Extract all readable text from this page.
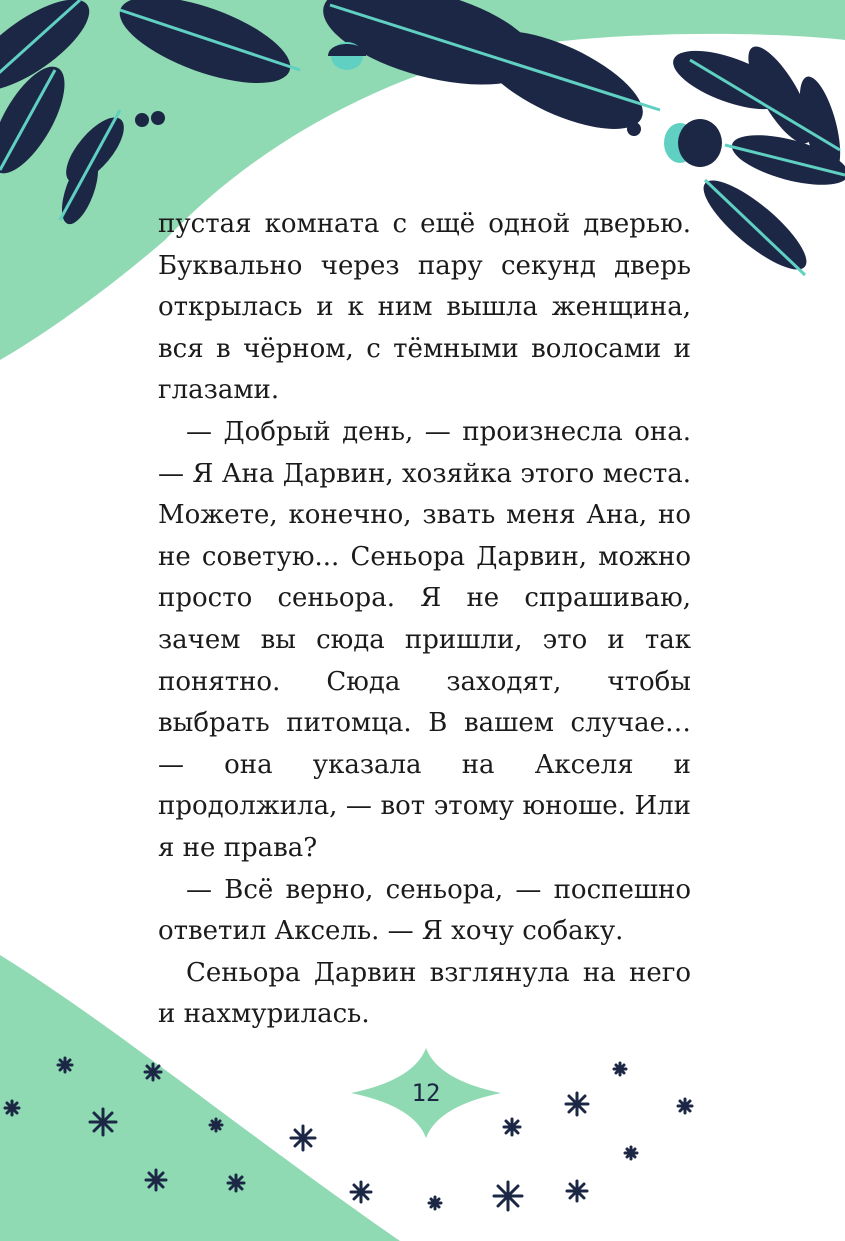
пустая комната с ещё одной дверью. Буквально через пару секунд дверь открылась и к ним вышла женщина, вся в чёрном, с тёмными волосами и глазами.

— Добрый день, — произнесла она. — Я Ана Дарвин, хозяйка этого места. Можете, конечно, звать меня Ана, но не советую... Сеньора Дарвин, можно просто сеньора. Я не спрашиваю, зачем вы сюда пришли, это и так понятно. Сюда заходят, чтобы выбрать питомца. В вашем случае… — она указала на Акселя и продолжила, — вот этому юноше. Или я не права?

— Всё верно, сеньора, — поспешно ответил Аксель. — Я хочу собаку.

Сеньора Дарвин взглянула на него и нахмурилась.

12
